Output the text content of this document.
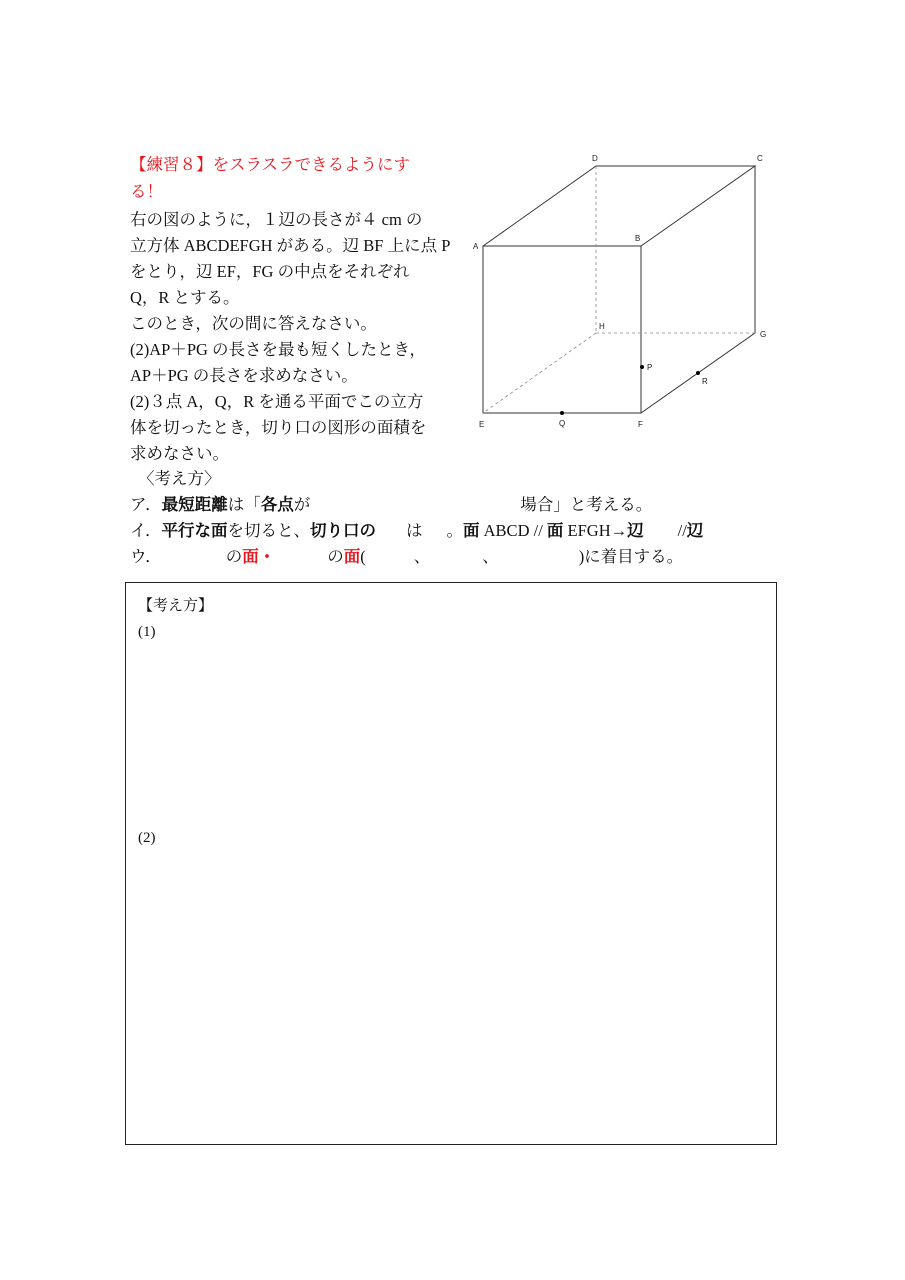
【練習８】をスラスラできるようにす
る！
右の図のように，１辺の長さが４ cm の
立方体 ABCDEFGH がある。辺 BF 上に点 P
をとり，辺 EF，FG の中点をそれぞれ
Q，R とする。
このとき，次の問に答えなさい。
(2)AP＋PG の長さを最も短くしたとき，
AP＋PG の長さを求めなさい。
(2)３点 A，Q，R を通る平面でこの立方
体を切ったとき，切り口の図形の面積を
求めなさい。
〈考え方〉
ア．最短距離は「各点が	場合」と考える。
イ．平行な面を切ると、切り口の は 。面 ABCD // 面 EFGH→辺 //辺
ウ．	の面・	の面(	、	、	)に着目する。
A
B
C
D
E	F
G
H
P
Q
R
【考え方】
(1)
(2)
